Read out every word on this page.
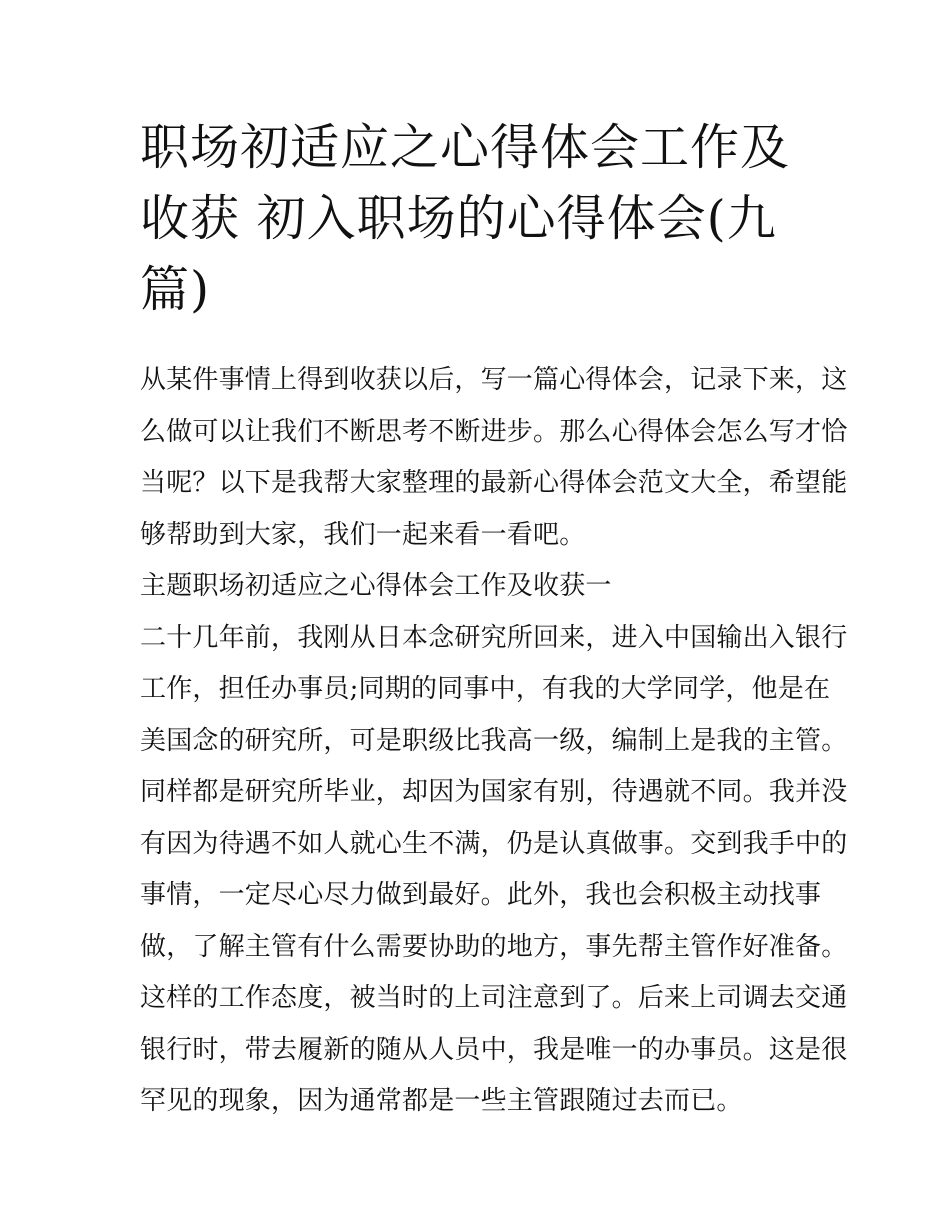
职场初适应之心得体会工作及
收获 初入职场的心得体会(九
篇)
从某件事情上得到收获以后，写一篇心得体会，记录下来，这
么做可以让我们不断思考不断进步。那么心得体会怎么写才恰
当呢？以下是我帮大家整理的最新心得体会范文大全，希望能
够帮助到大家，我们一起来看一看吧。
主题职场初适应之心得体会工作及收获一
二十几年前，我刚从日本念研究所回来，进入中国输出入银行
工作，担任办事员;同期的同事中，有我的大学同学，他是在
美国念的研究所，可是职级比我高一级，编制上是我的主管。
同样都是研究所毕业，却因为国家有别，待遇就不同。我并没
有因为待遇不如人就心生不满，仍是认真做事。交到我手中的
事情，一定尽心尽力做到最好。此外，我也会积极主动找事
做，了解主管有什么需要协助的地方，事先帮主管作好准备。
这样的工作态度，被当时的上司注意到了。后来上司调去交通
银行时，带去履新的随从人员中，我是唯一的办事员。这是很
罕见的现象，因为通常都是一些主管跟随过去而已。
